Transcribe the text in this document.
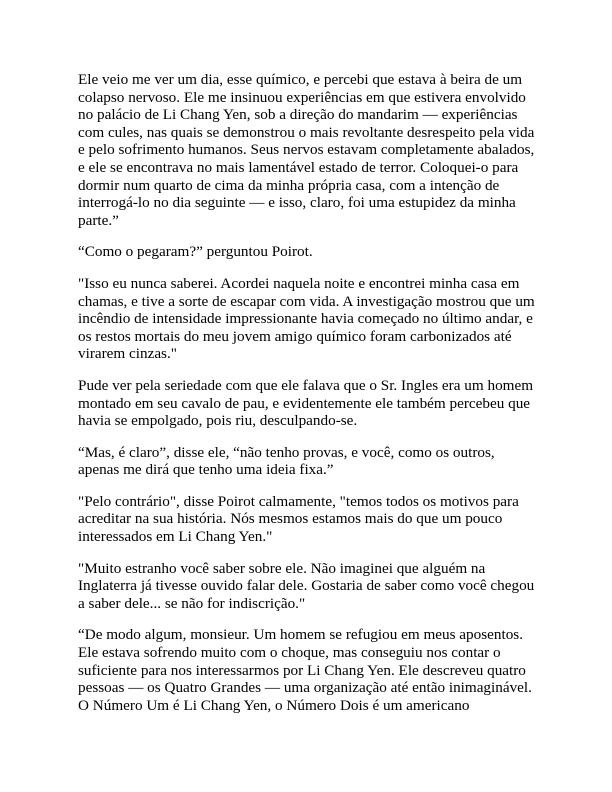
Ele veio me ver um dia, esse químico, e percebi que estava à beira de um colapso nervoso. Ele me insinuou experiências em que estivera envolvido no palácio de Li Chang Yen, sob a direção do mandarim — experiências com cules, nas quais se demonstrou o mais revoltante desrespeito pela vida e pelo sofrimento humanos. Seus nervos estavam completamente abalados, e ele se encontrava no mais lamentável estado de terror. Coloquei-o para dormir num quarto de cima da minha própria casa, com a intenção de interrogá-lo no dia seguinte — e isso, claro, foi uma estupidez da minha parte.”

“Como o pegaram?” perguntou Poirot.

"Isso eu nunca saberei. Acordei naquela noite e encontrei minha casa em chamas, e tive a sorte de escapar com vida. A investigação mostrou que um incêndio de intensidade impressionante havia começado no último andar, e os restos mortais do meu jovem amigo químico foram carbonizados até virarem cinzas."

Pude ver pela seriedade com que ele falava que o Sr. Ingles era um homem montado em seu cavalo de pau, e evidentemente ele também percebeu que havia se empolgado, pois riu, desculpando-se.

“Mas, é claro”, disse ele, “não tenho provas, e você, como os outros, apenas me dirá que tenho uma ideia fixa.”

"Pelo contrário", disse Poirot calmamente, "temos todos os motivos para acreditar na sua história. Nós mesmos estamos mais do que um pouco interessados em Li Chang Yen."

"Muito estranho você saber sobre ele. Não imaginei que alguém na Inglaterra já tivesse ouvido falar dele. Gostaria de saber como você chegou a saber dele... se não for indiscrição."

“De modo algum, monsieur. Um homem se refugiou em meus aposentos. Ele estava sofrendo muito com o choque, mas conseguiu nos contar o suficiente para nos interessarmos por Li Chang Yen. Ele descreveu quatro pessoas — os Quatro Grandes — uma organização até então inimaginável. O Número Um é Li Chang Yen, o Número Dois é um americano
